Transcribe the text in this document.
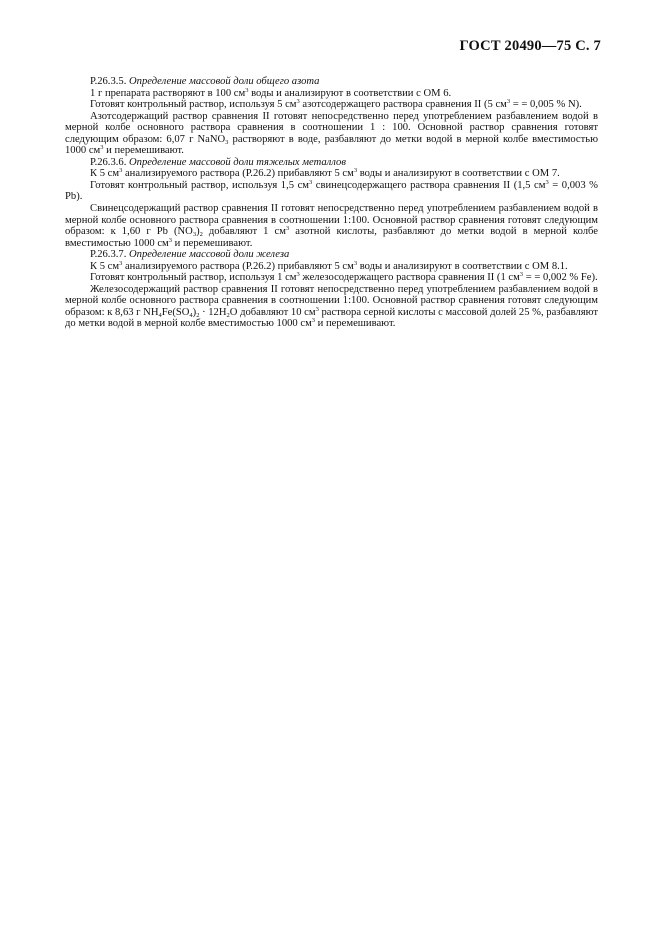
ГОСТ 20490—75 С. 7

Р.26.3.5. Определение массовой доли общего азота

1 г препарата растворяют в 100 $см^3$ воды и анализируют в соответствии с ОМ 6.

Готовят контрольный раствор, используя 5 $см^3$ азотсодержащего раствора сравнения II (5 $см^3$ = = 0,005 % N).

Азотсодержащий раствор сравнения II готовят непосредственно перед употреблением разбавлением водой в мерной колбе основного раствора сравнения в соотношении 1 : 100. Основной раствор сравнения готовят следующим образом: 6,07 г NaNO$_3$ растворяют в воде, разбавляют до метки водой в мерной колбе вместимостью 1000 $см^3$ и перемешивают.

Р.26.3.6. Определение массовой доли тяжелых металлов

К 5 $см^3$ анализируемого раствора (Р.26.2) прибавляют 5 $см^3$ воды и анализируют в соответствии с ОМ 7.

Готовят контрольный раствор, используя 1,5 $см^3$ свинецсодержащего раствора сравнения II (1,5 $см^3 = 0,003$ % Pb).

Свинецсодержащий раствор сравнения II готовят непосредственно перед употреблением разбавлением водой в мерной колбе основного раствора сравнения в соотношении 1:100. Основной раствор сравнения готовят следующим образом: к 1,60 г Pb $(NO_3)_2$ добавляют 1 $см^3$ азотной кислоты, разбавляют до метки водой в мерной колбе вместимостью 1000 $см^3$ и перемешивают.

Р.26.3.7. Определение массовой доли железа

К 5 $см^3$ анализируемого раствора (Р.26.2) прибавляют 5 $см^3$ воды и анализируют в соответствии с ОМ 8.1.

Готовят контрольный раствор, используя 1 $см^3$ железосодержащего раствора сравнения II (1 $см^3$ = = 0,002 % Fe).

Железосодержащий раствор сравнения II готовят непосредственно перед употреблением разбавлением водой в мерной колбе основного раствора сравнения в соотношении 1:100. Основной раствор сравнения готовят следующим образом: к 8,63 г $NH_4Fe(SO_4)_2 \cdot 12H_2O$ добавляют 10 $см^3$ раствора серной кислоты с массовой долей 25 %, разбавляют до метки водой в мерной колбе вместимостью 1000 $см^3$ и перемешивают.
